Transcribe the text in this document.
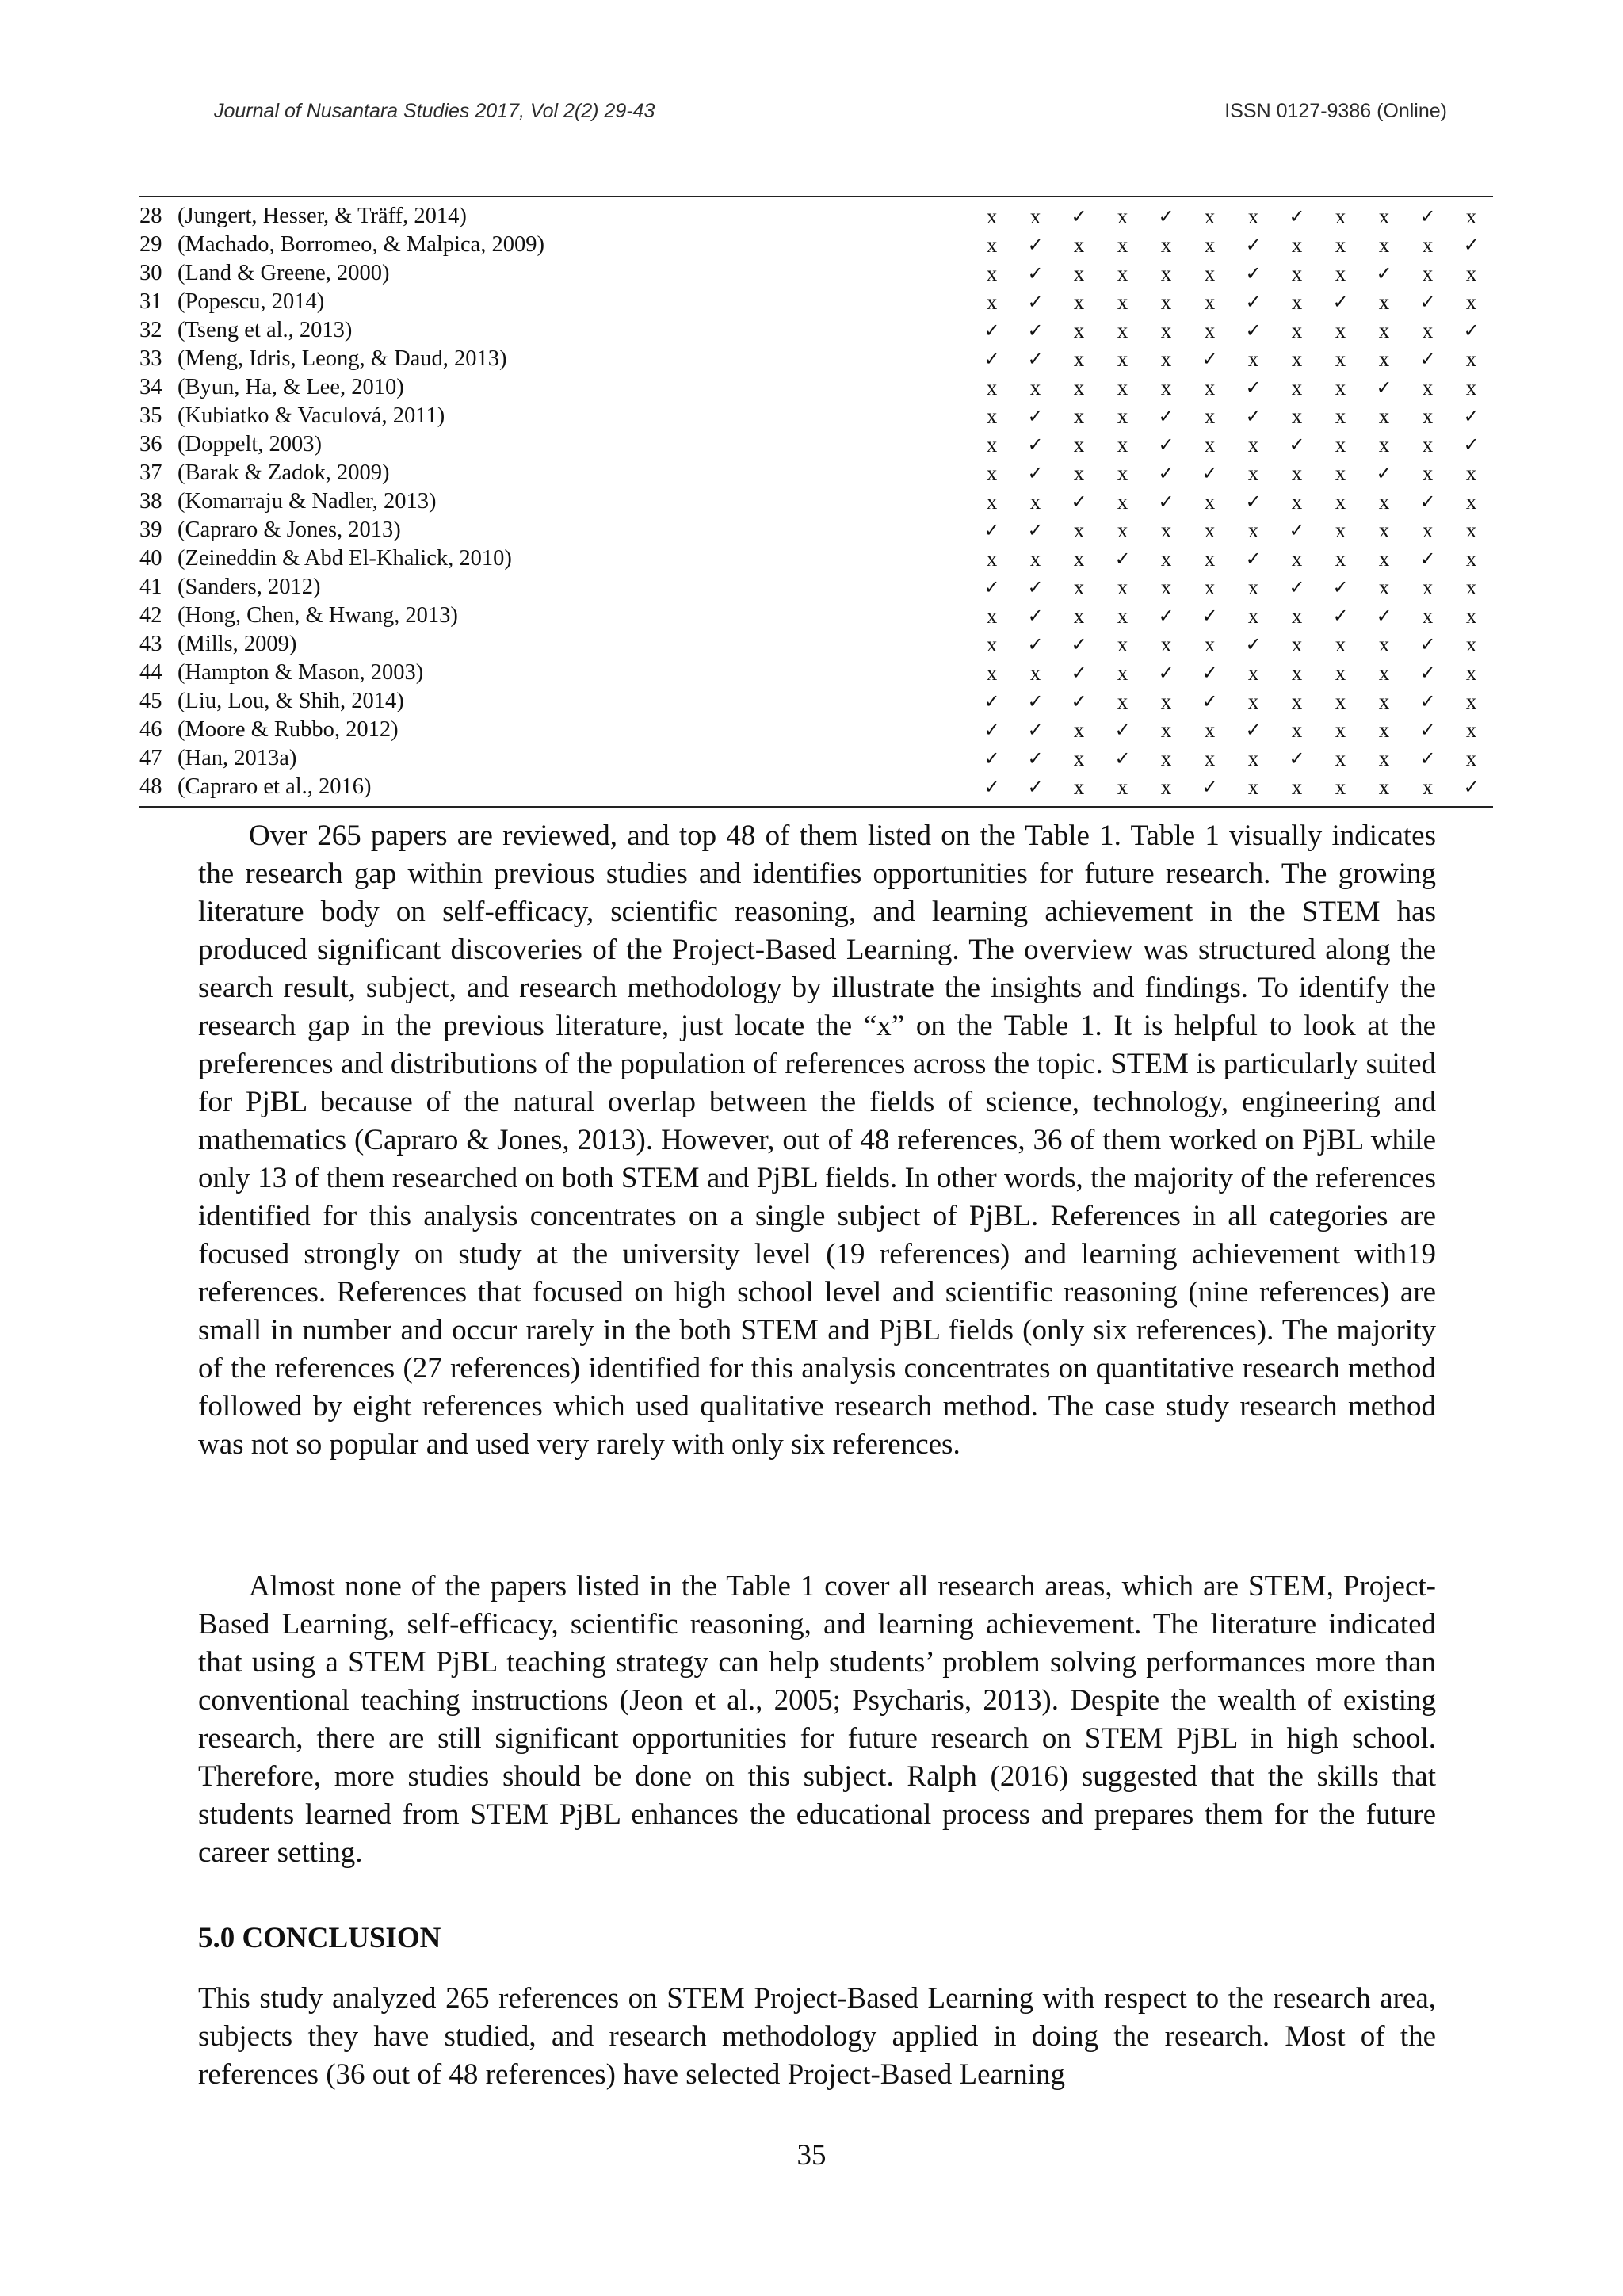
Journal of Nusantara Studies 2017, Vol 2(2) 29-43	ISSN 0127-9386 (Online)
28	(Jungert, Hesser, & Träff, 2014)	x	x	✓	x	✓	x	x	✓	x	x	✓	x
29	(Machado, Borromeo, & Malpica, 2009)	x	✓	x	x	x	x	✓	x	x	x	x	✓
30	(Land & Greene, 2000)	x	✓	x	x	x	x	✓	x	x	✓	x	x
31	(Popescu, 2014)	x	✓	x	x	x	x	✓	x	✓	x	✓	x
32	(Tseng et al., 2013)	✓	✓	x	x	x	x	✓	x	x	x	x	✓
33	(Meng, Idris, Leong, & Daud, 2013)	✓	✓	x	x	x	✓	x	x	x	x	✓	x
34	(Byun, Ha, & Lee, 2010)	x	x	x	x	x	x	✓	x	x	✓	x	x
35	(Kubiatko & Vaculová, 2011)	x	✓	x	x	✓	x	✓	x	x	x	x	✓
36	(Doppelt, 2003)	x	✓	x	x	✓	x	x	✓	x	x	x	✓
37	(Barak & Zadok, 2009)	x	✓	x	x	✓	✓	x	x	x	✓	x	x
38	(Komarraju & Nadler, 2013)	x	x	✓	x	✓	x	✓	x	x	x	✓	x
39	(Capraro & Jones, 2013)	✓	✓	x	x	x	x	x	✓	x	x	x	x
40	(Zeineddin & Abd El-Khalick, 2010)	x	x	x	✓	x	x	✓	x	x	x	✓	x
41	(Sanders, 2012)	✓	✓	x	x	x	x	x	✓	✓	x	x	x
42	(Hong, Chen, & Hwang, 2013)	x	✓	x	x	✓	✓	x	x	✓	✓	x	x
43	(Mills, 2009)	x	✓	✓	x	x	x	✓	x	x	x	✓	x
44	(Hampton & Mason, 2003)	x	x	✓	x	✓	✓	x	x	x	x	✓	x
45	(Liu, Lou, & Shih, 2014)	✓	✓	✓	x	x	✓	x	x	x	x	✓	x
46	(Moore & Rubbo, 2012)	✓	✓	x	✓	x	x	✓	x	x	x	✓	x
47	(Han, 2013a)	✓	✓	x	✓	x	x	x	✓	x	x	✓	x
48	(Capraro et al., 2016)	✓	✓	x	x	x	✓	x	x	x	x	x	✓

Over 265 papers are reviewed, and top 48 of them listed on the Table 1. Table 1 visually indicates the research gap within previous studies and identifies opportunities for future research. The growing literature body on self-efficacy, scientific reasoning, and learning achievement in the STEM has produced significant discoveries of the Project-Based Learning. The overview was structured along the search result, subject, and research methodology by illustrate the insights and findings. To identify the research gap in the previous literature, just locate the “x” on the Table 1. It is helpful to look at the preferences and distributions of the population of references across the topic. STEM is particularly suited for PjBL because of the natural overlap between the fields of science, technology, engineering and mathematics (Capraro & Jones, 2013). However, out of 48 references, 36 of them worked on PjBL while only 13 of them researched on both STEM and PjBL fields. In other words, the majority of the references identified for this analysis concentrates on a single subject of PjBL. References in all categories are focused strongly on study at the university level (19 references) and learning achievement with19 references. References that focused on high school level and scientific reasoning (nine references) are small in number and occur rarely in the both STEM and PjBL fields (only six references). The majority of the references (27 references) identified for this analysis concentrates on quantitative research method followed by eight references which used qualitative research method. The case study research method was not so popular and used very rarely with only six references.

Almost none of the papers listed in the Table 1 cover all research areas, which are STEM, Project-Based Learning, self-efficacy, scientific reasoning, and learning achievement. The literature indicated that using a STEM PjBL teaching strategy can help students’ problem solving performances more than conventional teaching instructions (Jeon et al., 2005; Psycharis, 2013). Despite the wealth of existing research, there are still significant opportunities for future research on STEM PjBL in high school. Therefore, more studies should be done on this subject. Ralph (2016) suggested that the skills that students learned from STEM PjBL enhances the educational process and prepares them for the future career setting.

5.0 CONCLUSION

This study analyzed 265 references on STEM Project-Based Learning with respect to the research area, subjects they have studied, and research methodology applied in doing the research. Most of the references (36 out of 48 references) have selected Project-Based Learning

35
